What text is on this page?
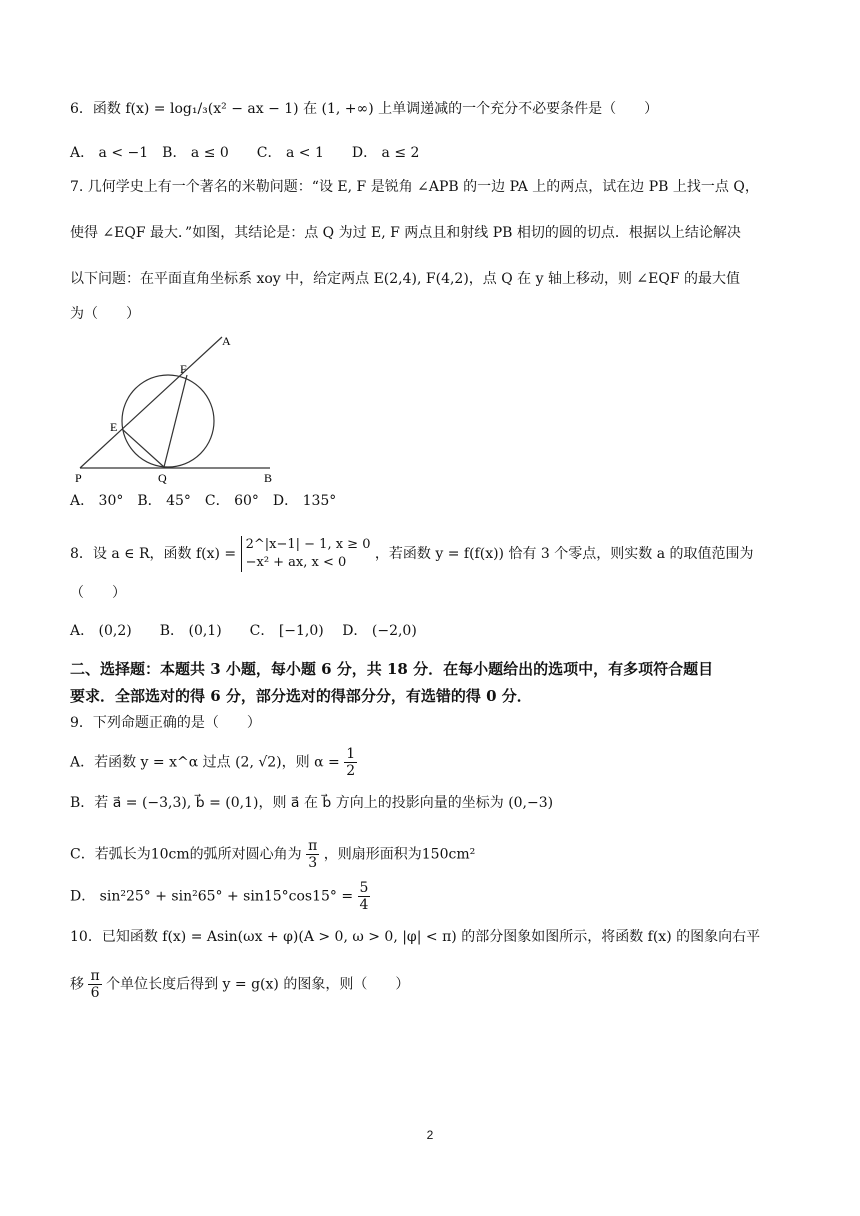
6．函数 f(x) = log₁/₃(x² − ax − 1) 在 (1, +∞) 上单调递减的一个充分不必要条件是（　　）
A． a < −1　B． a ≤ 0　　C． a < 1　　D． a ≤ 2
7. 几何学史上有一个著名的米勒问题：“设 E, F 是锐角 ∠APB 的一边 PA 上的两点，试在边 PB 上找一点 Q，
使得 ∠EQF 最大．”如图，其结论是：点 Q 为过 E, F 两点且和射线 PB 相切的圆的切点．根据以上结论解决
以下问题：在平面直角坐标系 xoy 中，给定两点 E(2,4), F(4,2)，点 Q 在 y 轴上移动，则 ∠EQF 的最大值
为（　　）
A
F
E
P	Q	B
A． 30°　B． 45°　C． 60°　D． 135°
8．设 a ∈ R，函数 f(x) =
2^|x−1| − 1, x ≥ 0
−x² + ax, x < 0
，若函数 y = f(f(x)) 恰有 3 个零点，则实数 a 的取值范围为
（　　）
A． (0,2)　　B． (0,1)　　C． [−1,0)　 D． (−2,0)
二、选择题：本题共 3 小题，每小题 6 分，共 18 分．在每小题给出的选项中，有多项符合题目
要求．全部选对的得 6 分，部分选对的得部分分，有选错的得 0 分．
9．下列命题正确的是（　　）
A．若函数 y = x^α 过点 (2, √2)，则 $\alpha = \frac{1}{2}$
B．若 a⃗ = (−3,3), b⃗ = (0,1)，则 a⃗ 在 b⃗ 方向上的投影向量的坐标为 (0,−3)
C．若弧长为10cm的弧所对圆心角为 $\frac{\pi}{3}$ ，则扇形面积为150cm²
D． $\sin^225^\circ + \sin^265^\circ + \sin 15^\circ\cos 15^\circ = \frac{5}{4}$
10．已知函数 f(x) = Asin(ωx + φ)(A > 0, ω > 0, |φ| < π) 的部分图象如图所示，将函数 f(x) 的图象向右平
移 $\frac{\pi}{6}$ 个单位长度后得到 y = g(x) 的图象，则（　　）
2
